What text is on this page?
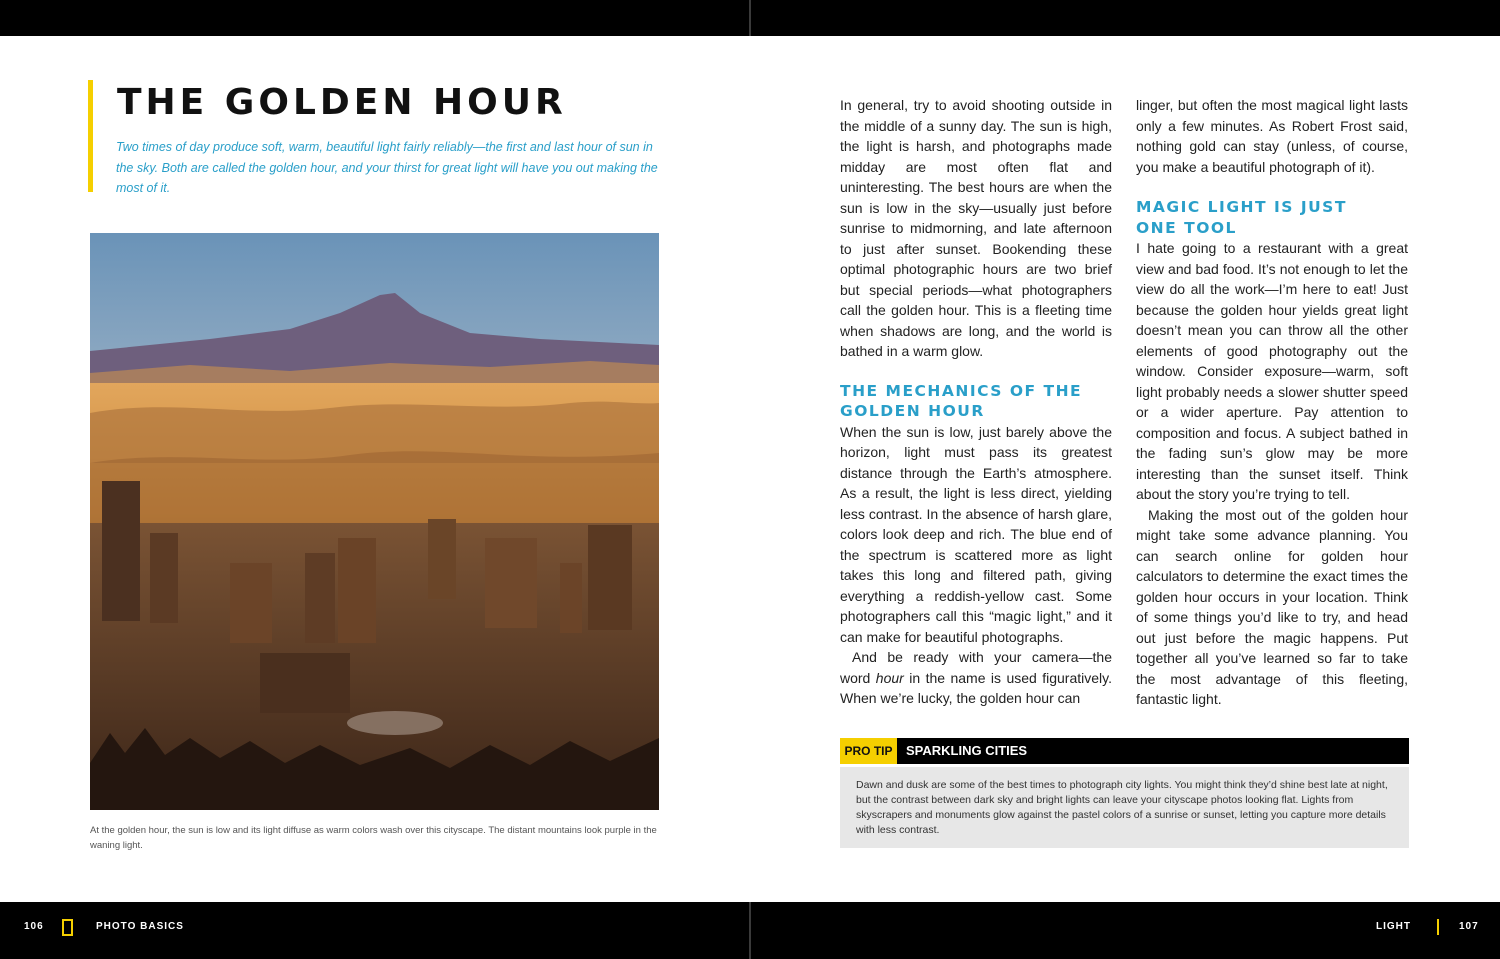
THE GOLDEN HOUR

Two times of day produce soft, warm, beautiful light fairly reliably—the first and last hour of sun in the sky. Both are called the golden hour, and your thirst for great light will have you out making the most of it.

At the golden hour, the sun is low and its light diffuse as warm colors wash over this cityscape. The distant mountains look purple in the waning light.

In general, try to avoid shooting outside in the middle of a sunny day. The sun is high, the light is harsh, and photographs made midday are most often flat and uninteresting. The best hours are when the sun is low in the sky—usually just before sunrise to midmorning, and late afternoon to just after sunset. Bookending these optimal photographic hours are two brief but special periods—what photographers call the golden hour. This is a fleeting time when shadows are long, and the world is bathed in a warm glow.

THE MECHANICS OF THE
GOLDEN HOUR

When the sun is low, just barely above the horizon, light must pass its greatest distance through the Earth’s atmosphere. As a result, the light is less direct, yielding less contrast. In the absence of harsh glare, colors look deep and rich. The blue end of the spectrum is scattered more as light takes this long and filtered path, giving everything a reddish-yellow cast. Some photographers call this “magic light,” and it can make for beautiful photographs.

And be ready with your camera—the word hour in the name is used figuratively. When we’re lucky, the golden hour can

linger, but often the most magical light lasts only a few minutes. As Robert Frost said, nothing gold can stay (unless, of course, you make a beautiful photograph of it).

MAGIC LIGHT IS JUST
ONE TOOL

I hate going to a restaurant with a great view and bad food. It’s not enough to let the view do all the work—I’m here to eat! Just because the golden hour yields great light doesn’t mean you can throw all the other elements of good photography out the window. Consider exposure—warm, soft light probably needs a slower shutter speed or a wider aperture. Pay attention to composition and focus. A subject bathed in the fading sun’s glow may be more interesting than the sunset itself. Think about the story you’re trying to tell.

Making the most out of the golden hour might take some advance planning. You can search online for golden hour calculators to determine the exact times the golden hour occurs in your location. Think of some things you’d like to try, and head out just before the magic happens. Put together all you’ve learned so far to take the most advantage of this fleeting, fantastic light.

PRO TIP	SPARKLING CITIES

Dawn and dusk are some of the best times to photograph city lights. You might think they’d shine best late at night, but the contrast between dark sky and bright lights can leave your cityscape photos looking flat. Lights from skyscrapers and monuments glow against the pastel colors of a sunrise or sunset, letting you capture more details with less contrast.

106	PHOTO BASICS	LIGHT	107
